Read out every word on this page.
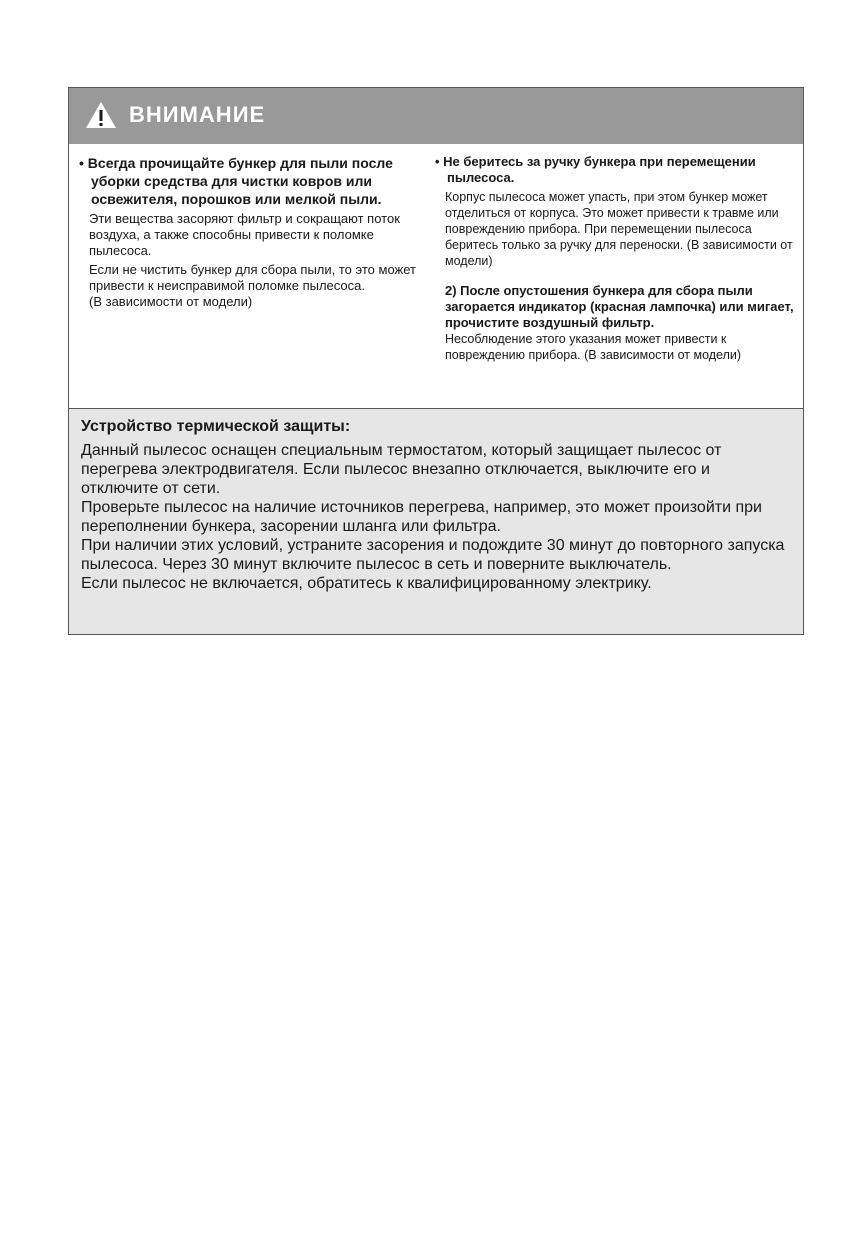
ВНИМАНИЕ

• Всегда прочищайте бункер для пыли после уборки средства для чистки ковров или освежителя, порошков или мелкой пыли.

Эти вещества засоряют фильтр и сокращают поток воздуха, а также способны привести к поломке пылесоса.

Если не чистить бункер для сбора пыли, то это может привести к неисправимой поломке пылесоса.

(В зависимости от модели)

• Не беритесь за ручку бункера при перемещении пылесоса.

Корпус пылесоса может упасть, при этом бункер может отделиться от корпуса. Это может привести к травме или повреждению прибора. При перемещении пылесоса беритесь только за ручку для переноски. (В зависимости от модели)

2) После опустошения бункера для сбора пыли загорается индикатор (красная лампочка) или мигает, прочистите воздушный фильтр.

Несоблюдение этого указания может привести к повреждению прибора. (В зависимости от модели)

Устройство термической защиты:

Данный пылесос оснащен специальным термостатом, который защищает пылесос от перегрева электродвигателя. Если пылесос внезапно отключается, выключите его и отключите от сети.

Проверьте пылесос на наличие источников перегрева, например, это может произойти при переполнении бункера, засорении шланга или фильтра.

При наличии этих условий, устраните засорения и подождите 30 минут до повторного запуска пылесоса. Через 30 минут включите пылесос в сеть и поверните выключатель.

Если пылесос не включается, обратитесь к квалифицированному электрику.
